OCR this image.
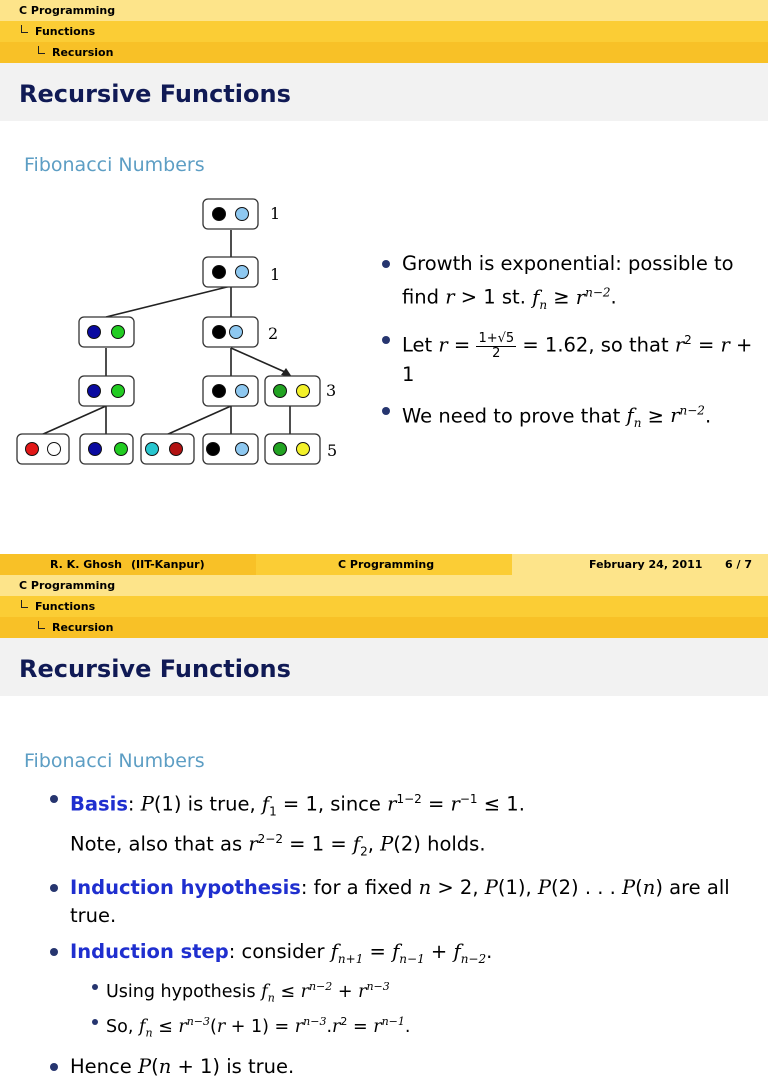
C Programming
Functions
Recursion
Recursive Functions
Fibonacci Numbers
1
1
2
3
5
Growth is exponential: possible to find r > 1 st. $f_n \ge r^{n-2}$.
Let $r = \frac{1+√5}{2} = 1.62$, so that $r^2 = r + 1$
We need to prove that $f_n \ge r^{n-2}$.
R. K. Ghosh (IIT-Kanpur)	C Programming	February 24, 2011 6 / 7
C Programming
Functions
Recursion
Recursive Functions
Fibonacci Numbers
Basis: P(1) is true, $f_1 = 1$, since $r^{1-2} = r^{-1} \le 1$.
Note, also that as $r^{2-2} = 1 = f_2$, P(2) holds.
Induction hypothesis: for a fixed n > 2, P(1), P(2) . . . P(n) are all true.
Induction step: consider $f_{n+1} = f_{n-1} + f_{n-2}$.
Using hypothesis $f_n \le r^{n-2} + r^{n-3}$
So, $f_n \le r^{n-3}(r + 1) = r^{n-3}.r^2 = r^{n-1}$.
Hence P(n + 1) is true.
